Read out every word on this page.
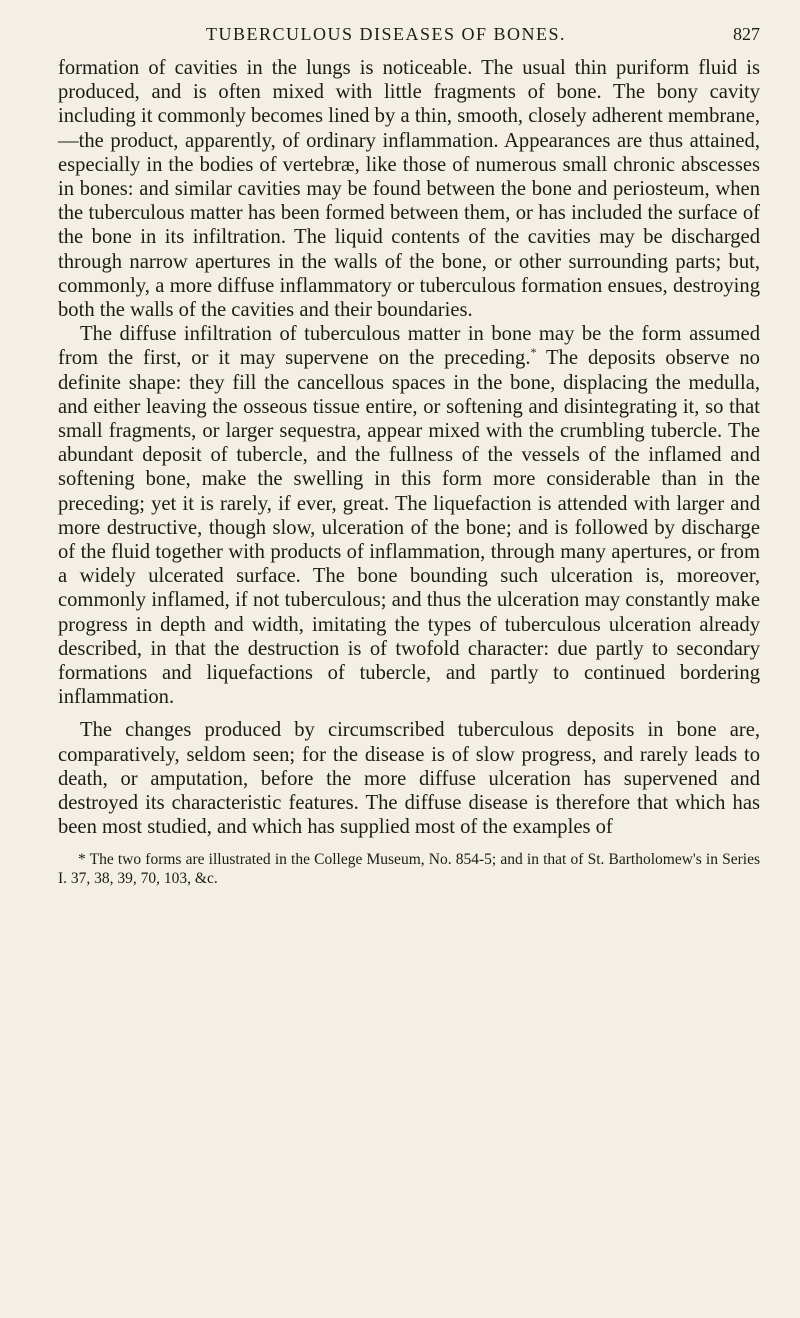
TUBERCULOUS DISEASES OF BONES.	827

formation of cavities in the lungs is noticeable. The usual thin puriform fluid is produced, and is often mixed with little fragments of bone. The bony cavity including it commonly becomes lined by a thin, smooth, closely adherent membrane,—the product, apparently, of ordinary inflammation. Appearances are thus attained, especially in the bodies of vertebræ, like those of numerous small chronic abscesses in bones: and similar cavities may be found between the bone and periosteum, when the tuberculous matter has been formed between them, or has included the surface of the bone in its infiltration. The liquid contents of the cavities may be discharged through narrow apertures in the walls of the bone, or other surrounding parts; but, commonly, a more diffuse inflammatory or tuberculous formation ensues, destroying both the walls of the cavities and their boundaries.

The diffuse infiltration of tuberculous matter in bone may be the form assumed from the first, or it may supervene on the preceding.* The deposits observe no definite shape: they fill the cancellous spaces in the bone, displacing the medulla, and either leaving the osseous tissue entire, or softening and disintegrating it, so that small fragments, or larger sequestra, appear mixed with the crumbling tubercle. The abundant deposit of tubercle, and the fullness of the vessels of the inflamed and softening bone, make the swelling in this form more considerable than in the preceding; yet it is rarely, if ever, great. The liquefaction is attended with larger and more destructive, though slow, ulceration of the bone; and is followed by discharge of the fluid together with products of inflammation, through many apertures, or from a widely ulcerated surface. The bone bounding such ulceration is, moreover, commonly inflamed, if not tuberculous; and thus the ulceration may constantly make progress in depth and width, imitating the types of tuberculous ulceration already described, in that the destruction is of twofold character: due partly to secondary formations and liquefactions of tubercle, and partly to continued bordering inflammation.

The changes produced by circumscribed tuberculous deposits in bone are, comparatively, seldom seen; for the disease is of slow progress, and rarely leads to death, or amputation, before the more diffuse ulceration has supervened and destroyed its characteristic features. The diffuse disease is therefore that which has been most studied, and which has supplied most of the examples of

* The two forms are illustrated in the College Museum, No. 854-5; and in that of St. Bartholomew's in Series I. 37, 38, 39, 70, 103, &c.
